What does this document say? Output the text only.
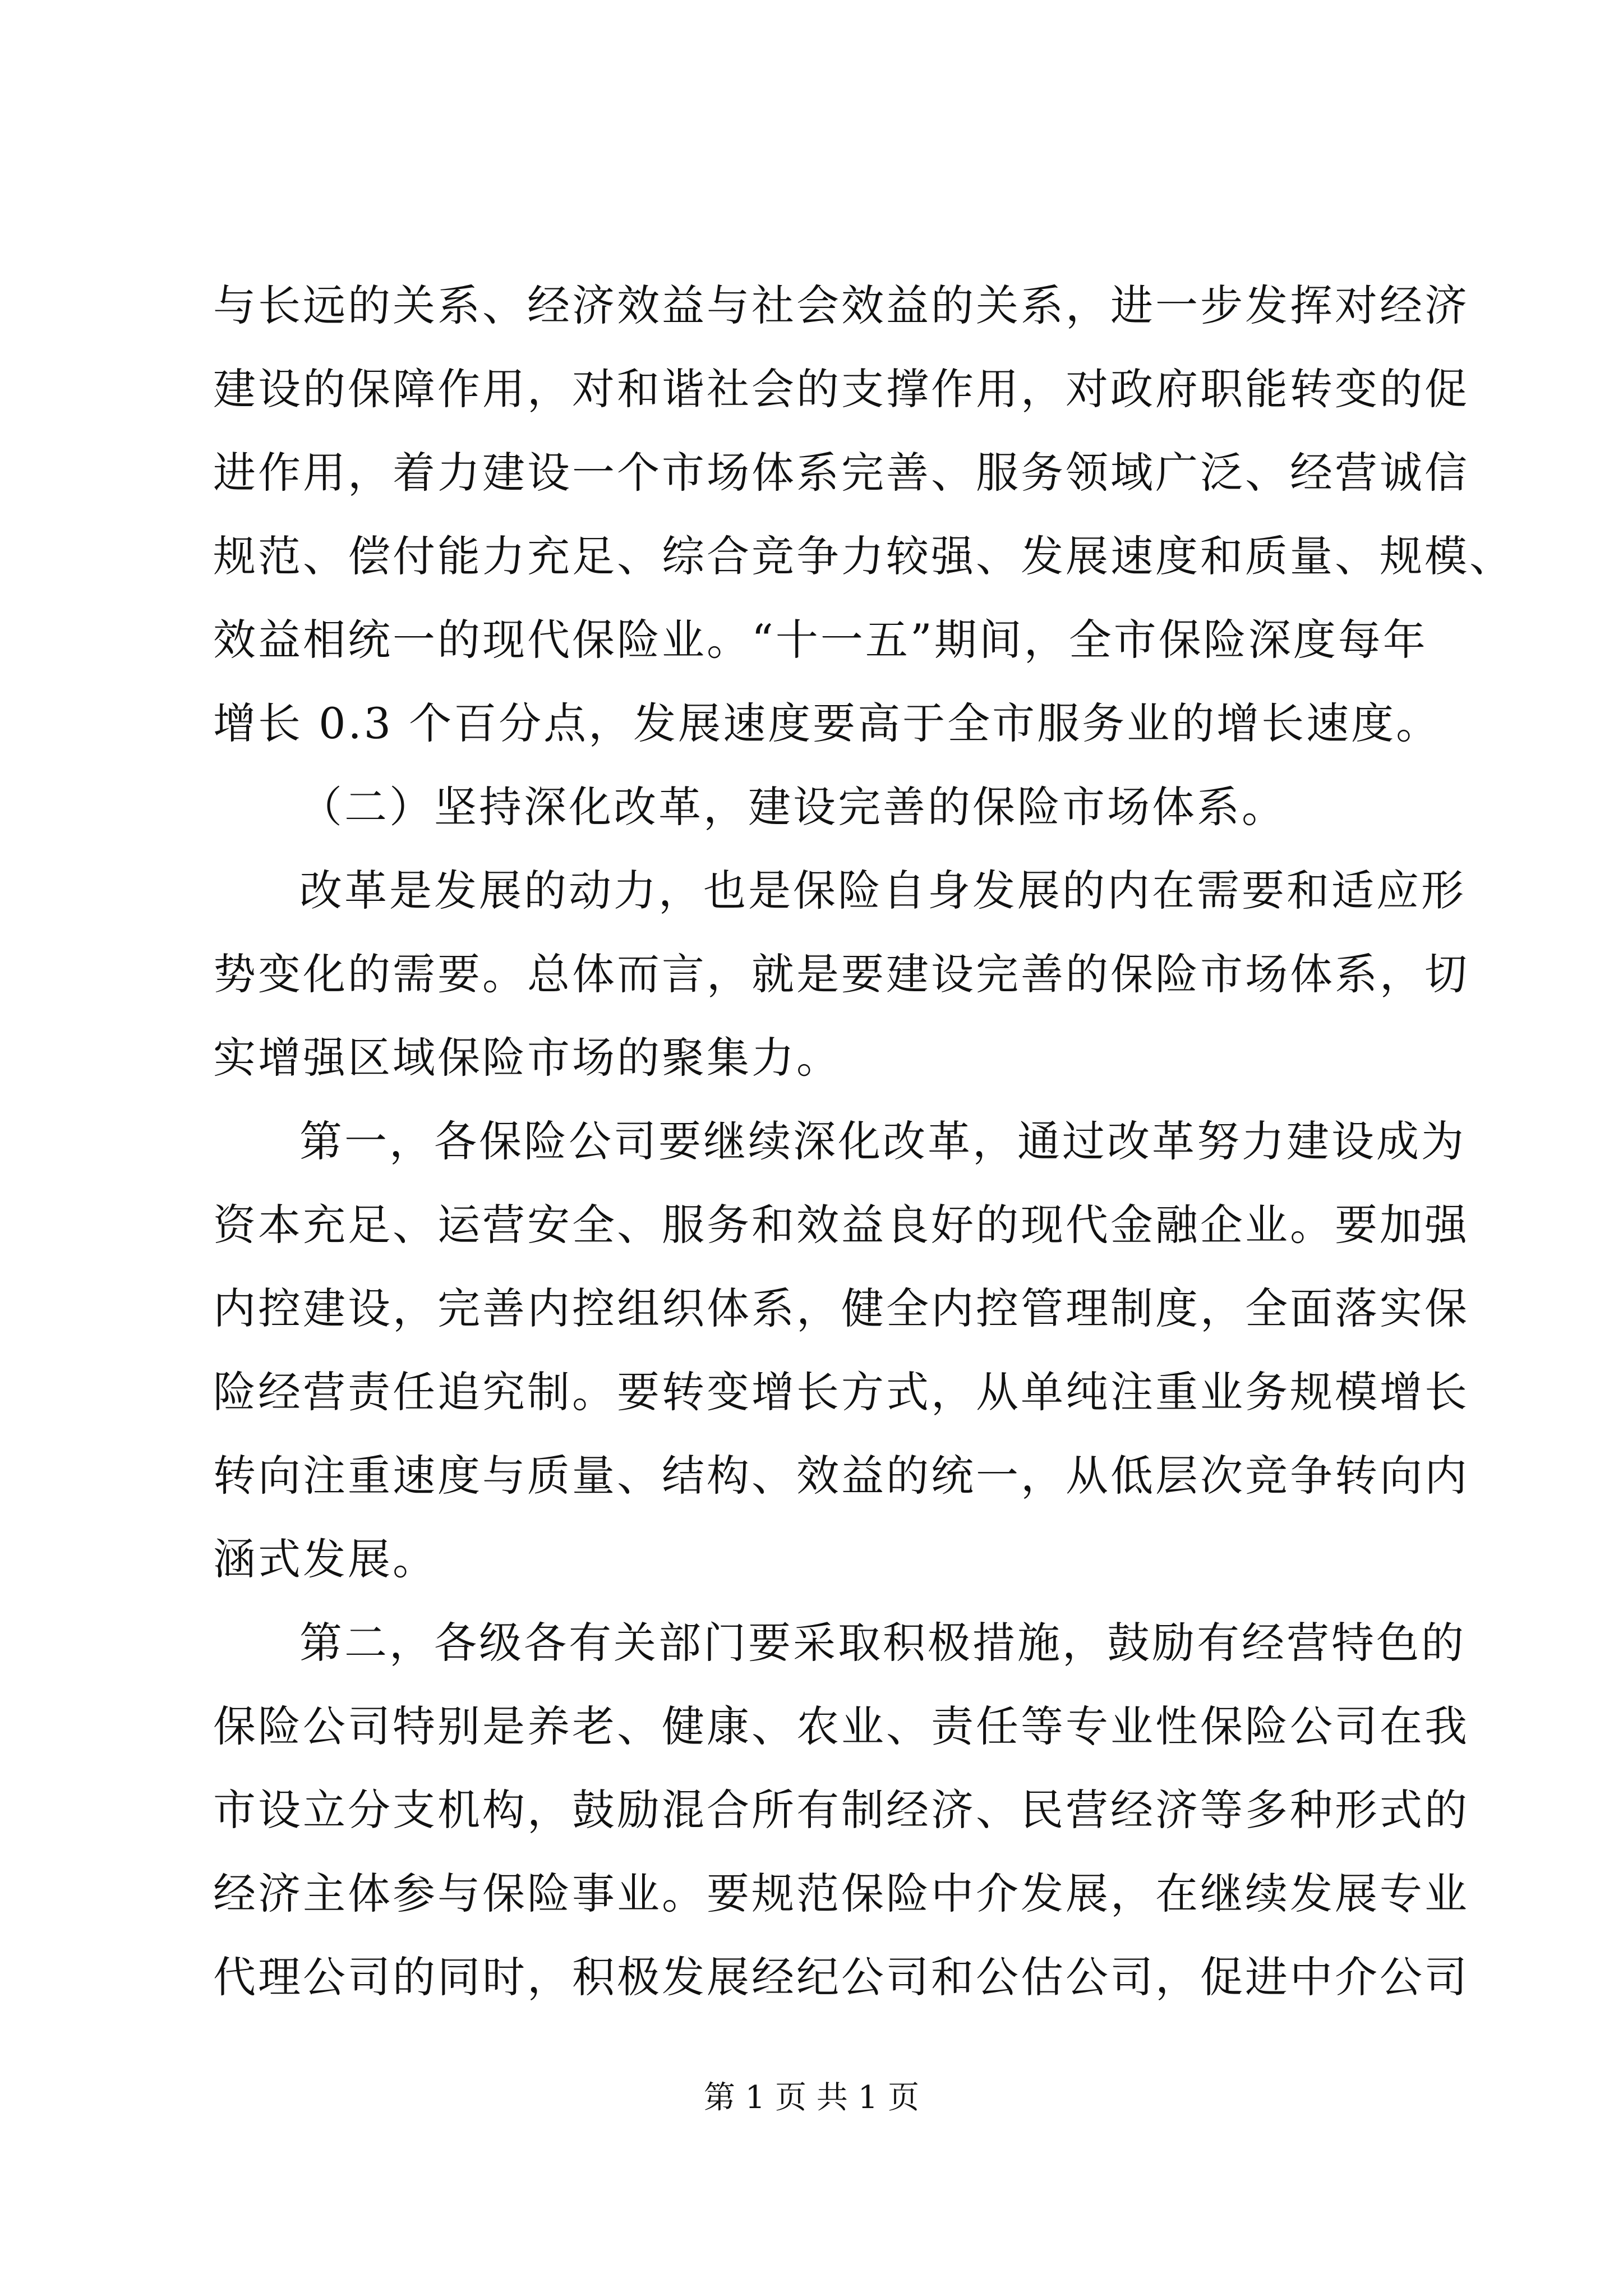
与长远的关系、经济效益与社会效益的关系，进一步发挥对经济
建设的保障作用，对和谐社会的支撑作用，对政府职能转变的促
进作用，着力建设一个市场体系完善、服务领域广泛、经营诚信
规范、偿付能力充足、综合竞争力较强、发展速度和质量、规模、
效益相统一的现代保险业。“十一五”期间，全市保险深度每年
增长 0.3 个百分点，发展速度要高于全市服务业的增长速度。
（二）坚持深化改革，建设完善的保险市场体系。
改革是发展的动力，也是保险自身发展的内在需要和适应形
势变化的需要。总体而言，就是要建设完善的保险市场体系，切
实增强区域保险市场的聚集力。
第一，各保险公司要继续深化改革，通过改革努力建设成为
资本充足、运营安全、服务和效益良好的现代金融企业。要加强
内控建设，完善内控组织体系，健全内控管理制度，全面落实保
险经营责任追究制。要转变增长方式，从单纯注重业务规模增长
转向注重速度与质量、结构、效益的统一，从低层次竞争转向内
涵式发展。
第二，各级各有关部门要采取积极措施，鼓励有经营特色的
保险公司特别是养老、健康、农业、责任等专业性保险公司在我
市设立分支机构，鼓励混合所有制经济、民营经济等多种形式的
经济主体参与保险事业。要规范保险中介发展，在继续发展专业
代理公司的同时，积极发展经纪公司和公估公司，促进中介公司
第 1 页 共 1 页
